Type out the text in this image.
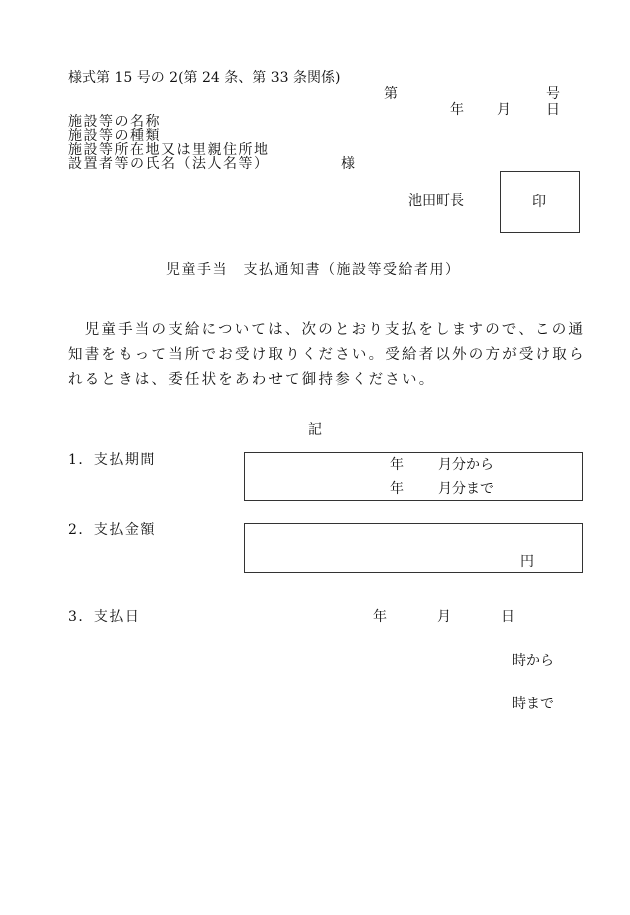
様式第 15 号の 2(第 24 条、第 33 条関係)
第	号
年 月	日
施設等の名称
施設等の種類
施設等所在地又は里親住所地
設置者等の氏名（法人名等）	様
池田町長	印
児童手当　支払通知書（施設等受給者用）
　児童手当の支給については、次のとおり支払をしますので、この通
知書をもって当所でお受け取りください。受給者以外の方が受け取ら
れるときは、委任状をあわせて御持参ください。
記
1．支払期間	年 月分から
年 月分まで
2．支払金額
円
3．支払日	年	月	日
時から
時まで
